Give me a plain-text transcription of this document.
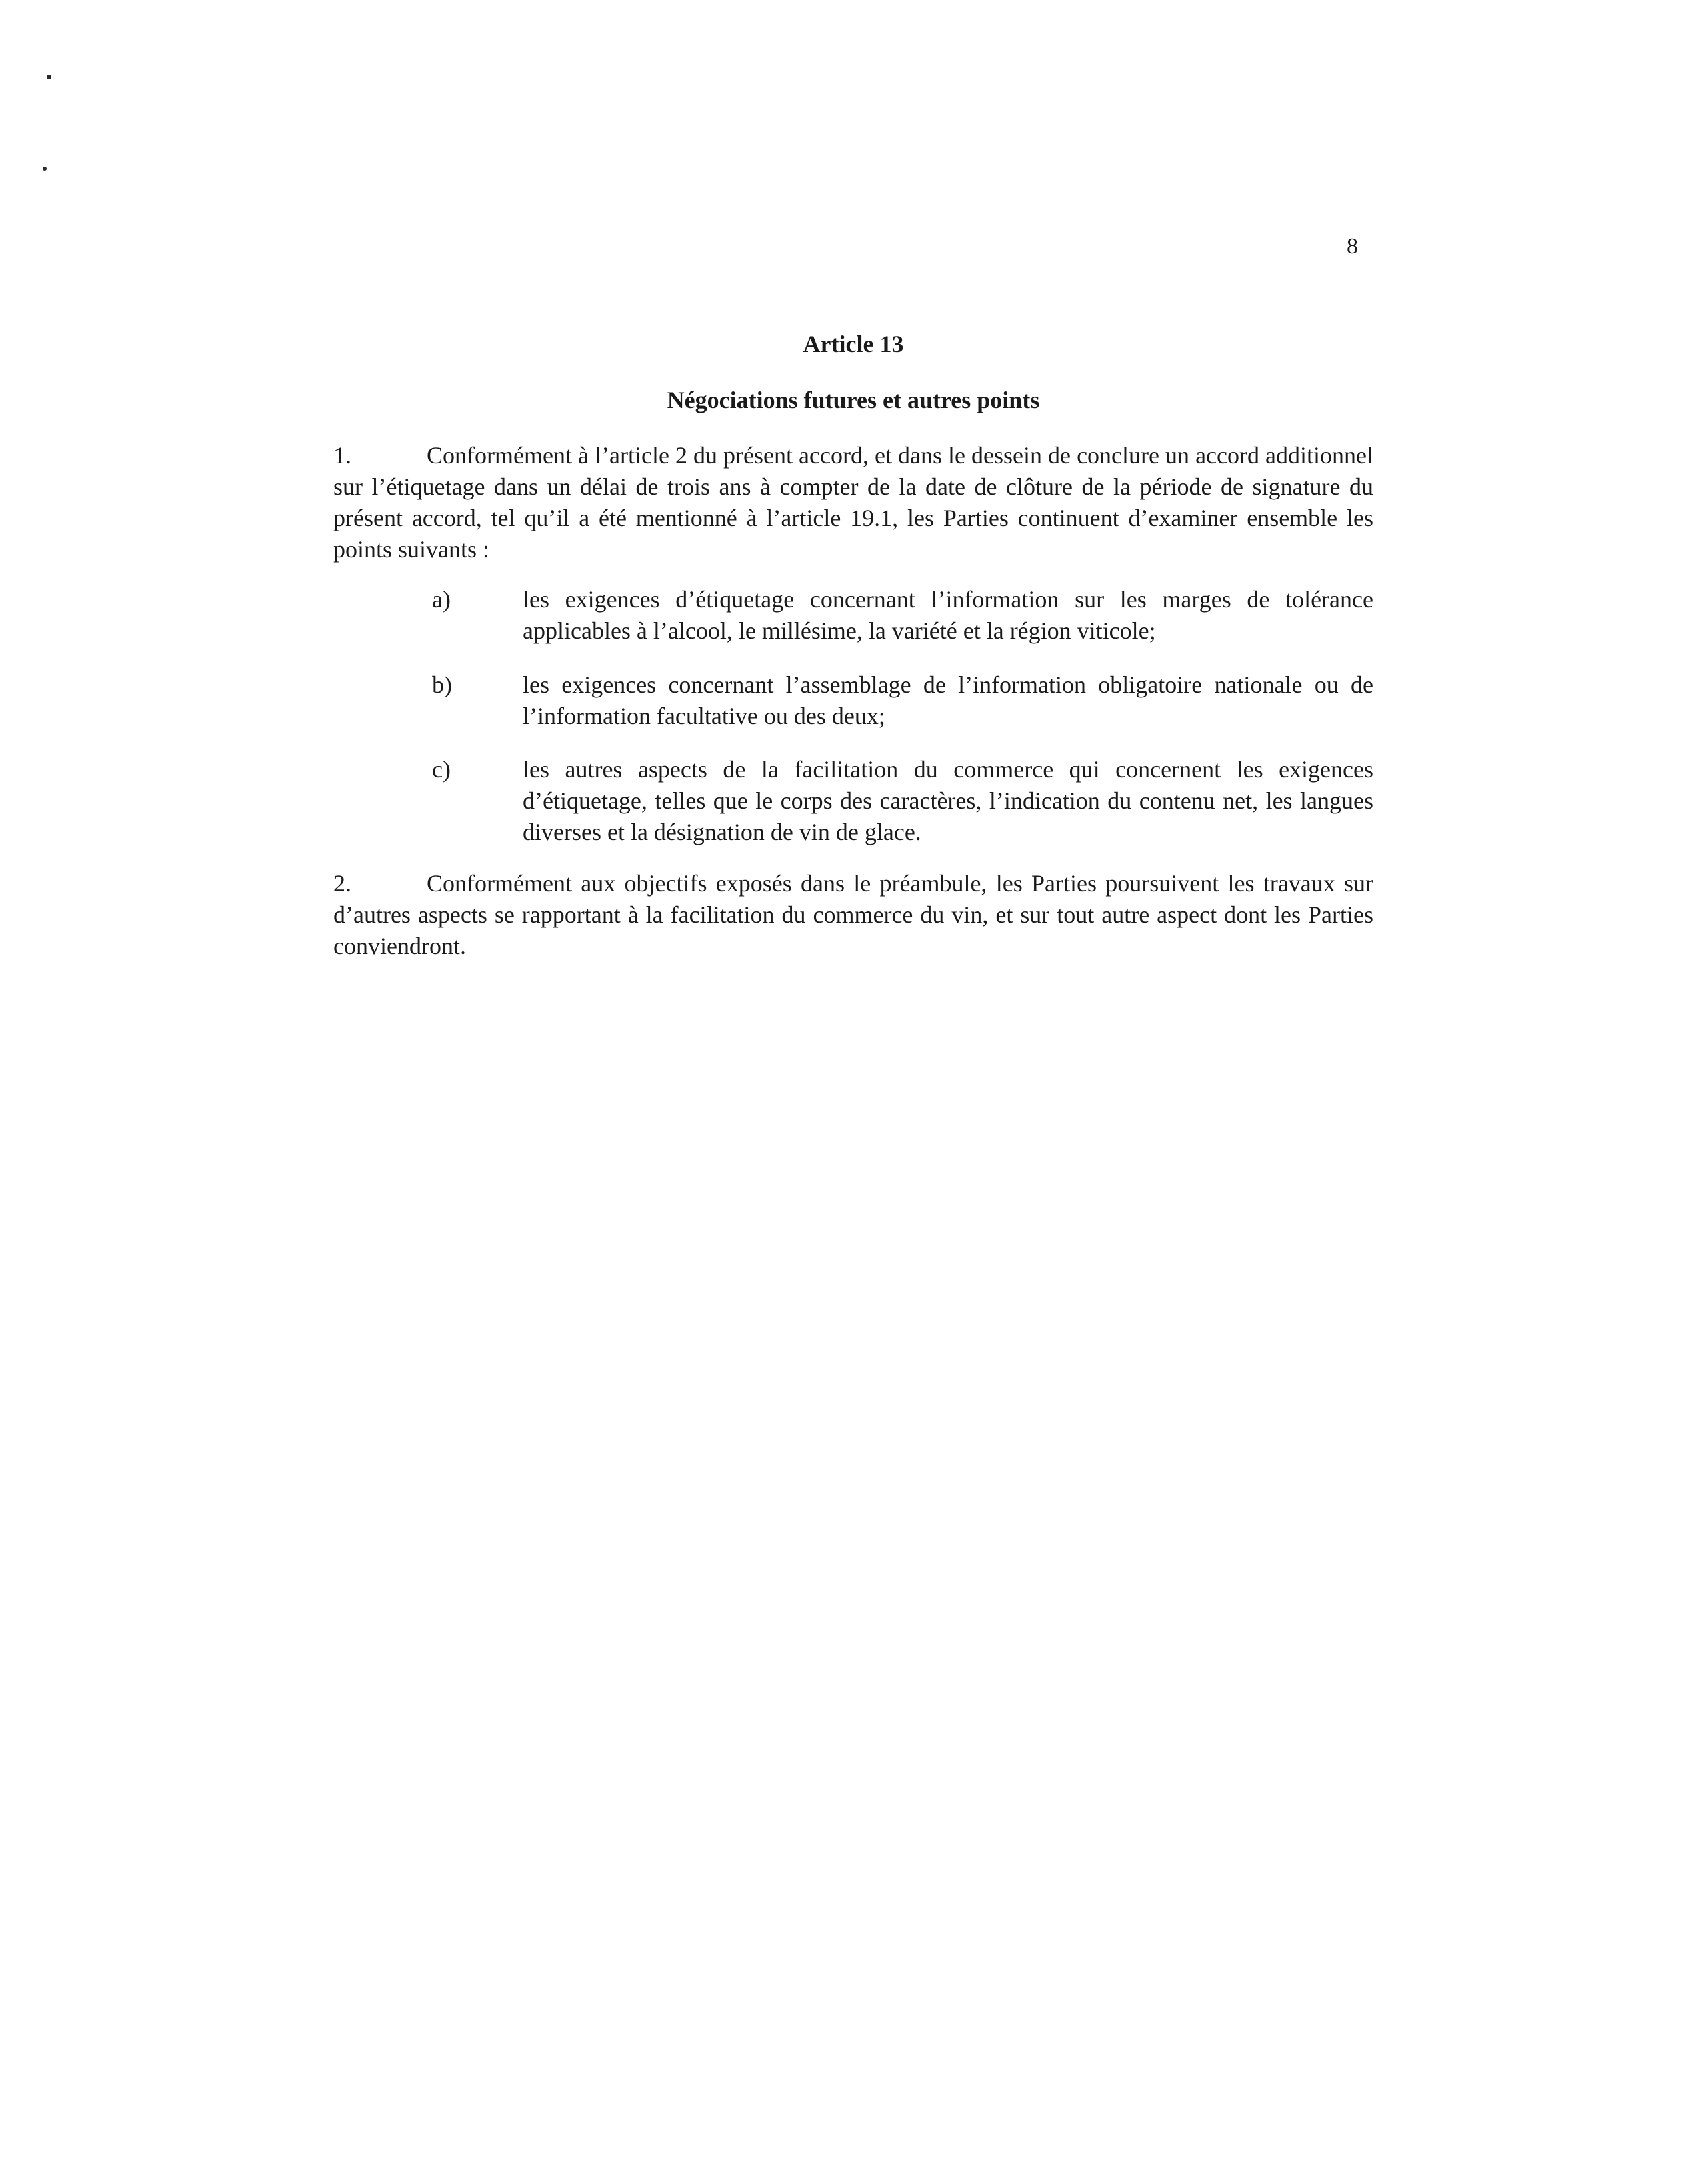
8
Article 13
Négociations futures et autres points

1.	Conformément à l’article 2 du présent accord, et dans le dessein de conclure un accord additionnel sur l’étiquetage dans un délai de trois ans à compter de la date de clôture de la période de signature du présent accord, tel qu’il a été mentionné à l’article 19.1, les Parties continuent d’examiner ensemble les points suivants :

a)	les exigences d’étiquetage concernant l’information sur les marges de tolérance applicables à l’alcool, le millésime, la variété et la région viticole;
b)	les exigences concernant l’assemblage de l’information obligatoire nationale ou de l’information facultative ou des deux;
c)	les autres aspects de la facilitation du commerce qui concernent les exigences d’étiquetage, telles que le corps des caractères, l’indication du contenu net, les langues diverses et la désignation de vin de glace.

2.	Conformément aux objectifs exposés dans le préambule, les Parties poursuivent les travaux sur d’autres aspects se rapportant à la facilitation du commerce du vin, et sur tout autre aspect dont les Parties conviendront.
